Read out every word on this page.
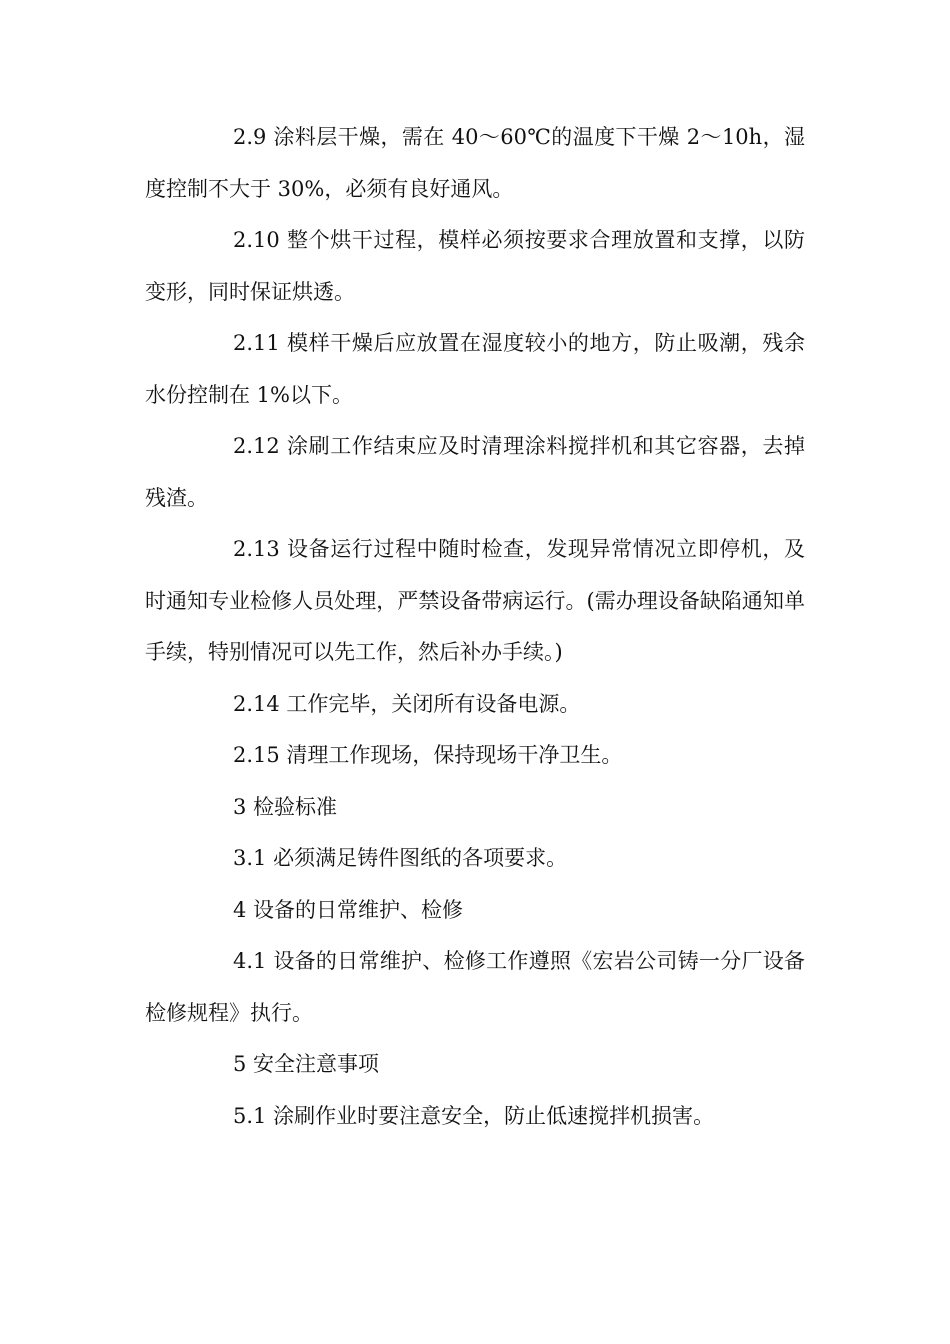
2.9 涂料层干燥，需在 40～60℃的温度下干燥 2～10h，湿度控制不大于 30%，必须有良好通风。

2.10 整个烘干过程，模样必须按要求合理放置和支撑，以防变形，同时保证烘透。

2.11 模样干燥后应放置在湿度较小的地方，防止吸潮，残余水份控制在 1%以下。

2.12 涂刷工作结束应及时清理涂料搅拌机和其它容器，去掉残渣。

2.13 设备运行过程中随时检查，发现异常情况立即停机，及时通知专业检修人员处理，严禁设备带病运行。(需办理设备缺陷通知单手续，特别情况可以先工作，然后补办手续。)

2.14 工作完毕，关闭所有设备电源。

2.15 清理工作现场，保持现场干净卫生。

3 检验标准

3.1 必须满足铸件图纸的各项要求。

4 设备的日常维护、检修

4.1 设备的日常维护、检修工作遵照《宏岩公司铸一分厂设备检修规程》执行。

5 安全注意事项

5.1 涂刷作业时要注意安全，防止低速搅拌机损害。
